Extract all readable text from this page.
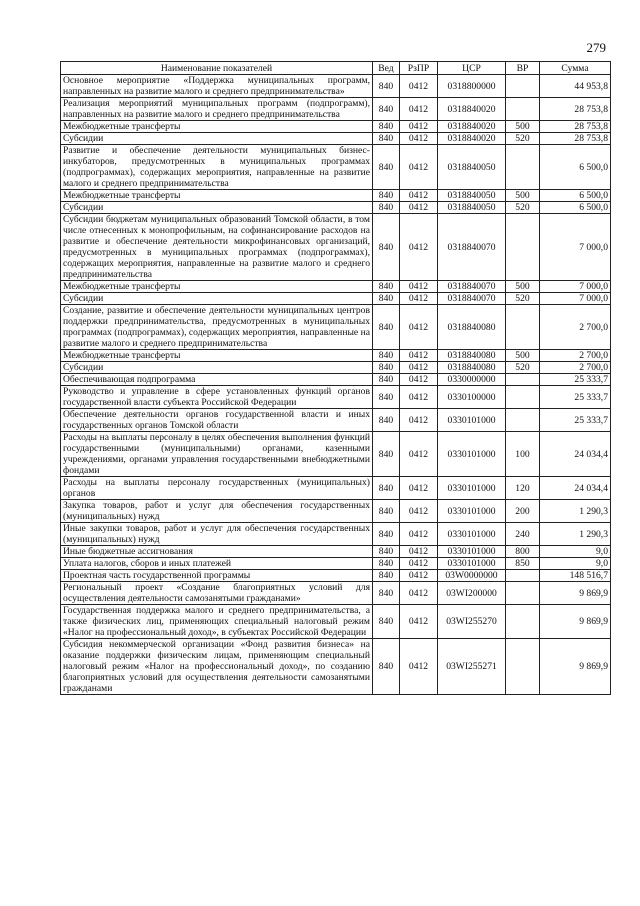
279
Наименование показателей	Вед	РзПР	ЦСР	ВР	Сумма
Основное мероприятие «Поддержка муниципальных программ, направленных на развитие малого и среднего предпринимательства»	840	0412	0318800000		44 953,8
Реализация мероприятий муниципальных программ (подпрограмм), направленных на развитие малого и среднего предпринимательства	840	0412	0318840020		28 753,8
Межбюджетные трансферты	840	0412	0318840020	500	28 753,8
Субсидии	840	0412	0318840020	520	28 753,8
Развитие и обеспечение деятельности муниципальных бизнес-инкубаторов, предусмотренных в муниципальных программах (подпрограммах), содержащих мероприятия, направленные на развитие малого и среднего предпринимательства	840	0412	0318840050		6 500,0
Межбюджетные трансферты	840	0412	0318840050	500	6 500,0
Субсидии	840	0412	0318840050	520	6 500,0
Субсидии бюджетам муниципальных образований Томской области, в том числе отнесенных к монопрофильным, на софинансирование расходов на развитие и обеспечение деятельности микрофинансовых организаций, предусмотренных в муниципальных программах (подпрограммах), содержащих мероприятия, направленные на развитие малого и среднего предпринимательства	840	0412	0318840070		7 000,0
Межбюджетные трансферты	840	0412	0318840070	500	7 000,0
Субсидии	840	0412	0318840070	520	7 000,0
Создание, развитие и обеспечение деятельности муниципальных центров поддержки предпринимательства, предусмотренных в муниципальных программах (подпрограммах), содержащих мероприятия, направленные на развитие малого и среднего предпринимательства	840	0412	0318840080		2 700,0
Межбюджетные трансферты	840	0412	0318840080	500	2 700,0
Субсидии	840	0412	0318840080	520	2 700,0
Обеспечивающая подпрограмма	840	0412	0330000000		25 333,7
Руководство и управление в сфере установленных функций органов государственной власти субъекта Российской Федерации	840	0412	0330100000		25 333,7
Обеспечение деятельности органов государственной власти и иных государственных органов Томской области	840	0412	0330101000		25 333,7
Расходы на выплаты персоналу в целях обеспечения выполнения функций государственными (муниципальными) органами, казенными учреждениями, органами управления государственными внебюджетными фондами	840	0412	0330101000	100	24 034,4
Расходы на выплаты персоналу государственных (муниципальных) органов	840	0412	0330101000	120	24 034,4
Закупка товаров, работ и услуг для обеспечения государственных (муниципальных) нужд	840	0412	0330101000	200	1 290,3
Иные закупки товаров, работ и услуг для обеспечения государственных (муниципальных) нужд	840	0412	0330101000	240	1 290,3
Иные бюджетные ассигнования	840	0412	0330101000	800	9,0
Уплата налогов, сборов и иных платежей	840	0412	0330101000	850	9,0
Проектная часть государственной программы	840	0412	03W0000000		148 516,7
Региональный проект «Создание благоприятных условий для осуществления деятельности самозанятыми гражданами»	840	0412	03WI200000		9 869,9
Государственная поддержка малого и среднего предпринимательства, а также физических лиц, применяющих специальный налоговый режим «Налог на профессиональный доход», в субъектах Российской Федерации	840	0412	03WI255270		9 869,9
Субсидия некоммерческой организации «Фонд развития бизнеса» на оказание поддержки физическим лицам, применяющим специальный налоговый режим «Налог на профессиональный доход», по созданию благоприятных условий для осуществления деятельности самозанятыми гражданами	840	0412	03WI255271		9 869,9
